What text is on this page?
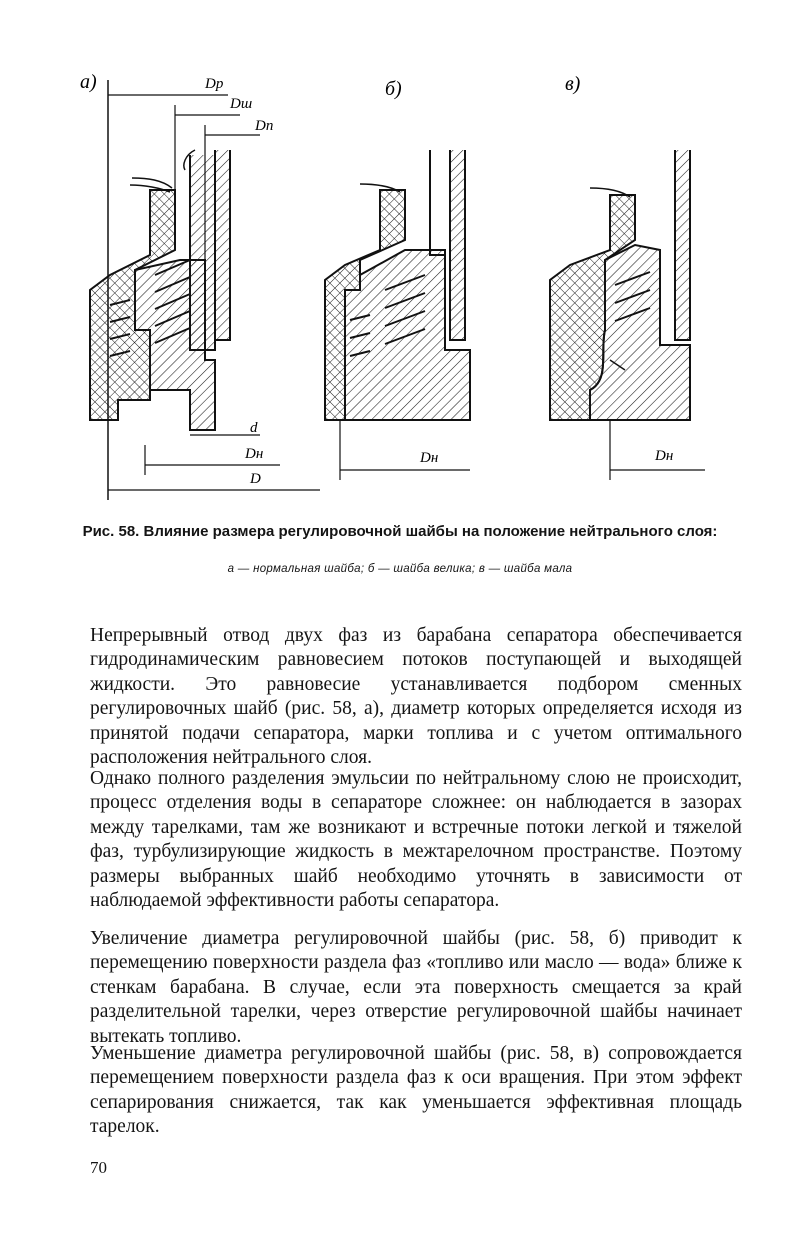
а)	Dр
Dш
Dп
d
Dн
D
б)
Dн
в)
Dн
Рис. 58. Влияние размера регулировочной шайбы на положение нейтрального слоя:
а — нормальная шайба; б — шайба велика; в — шайба мала

Непрерывный отвод двух фаз из барабана сепаратора обеспечивается гидродинамическим равновесием потоков поступающей и выходящей жидкости. Это равновесие устанавливается подбором сменных регулировочных шайб (рис. 58, а), диаметр которых определяется исходя из принятой подачи сепаратора, марки топлива и с учетом оптимального расположения нейтрального слоя.

Однако полного разделения эмульсии по нейтральному слою не происходит, процесс отделения воды в сепараторе сложнее: он наблюдается в зазорах между тарелками, там же возникают и встречные потоки легкой и тяжелой фаз, турбулизирующие жидкость в межтарелочном пространстве. Поэтому размеры выбранных шайб необходимо уточнять в зависимости от наблюдаемой эффективности работы сепаратора.

Увеличение диаметра регулировочной шайбы (рис. 58, б) приводит к перемещению поверхности раздела фаз «топливо или масло — вода» ближе к стенкам барабана. В случае, если эта поверхность смещается за край разделительной тарелки, через отверстие регулировочной шайбы начинает вытекать топливо.

Уменьшение диаметра регулировочной шайбы (рис. 58, в) сопровождается перемещением поверхности раздела фаз к оси вращения. При этом эффект сепарирования снижается, так как уменьшается эффективная площадь тарелок.

70
